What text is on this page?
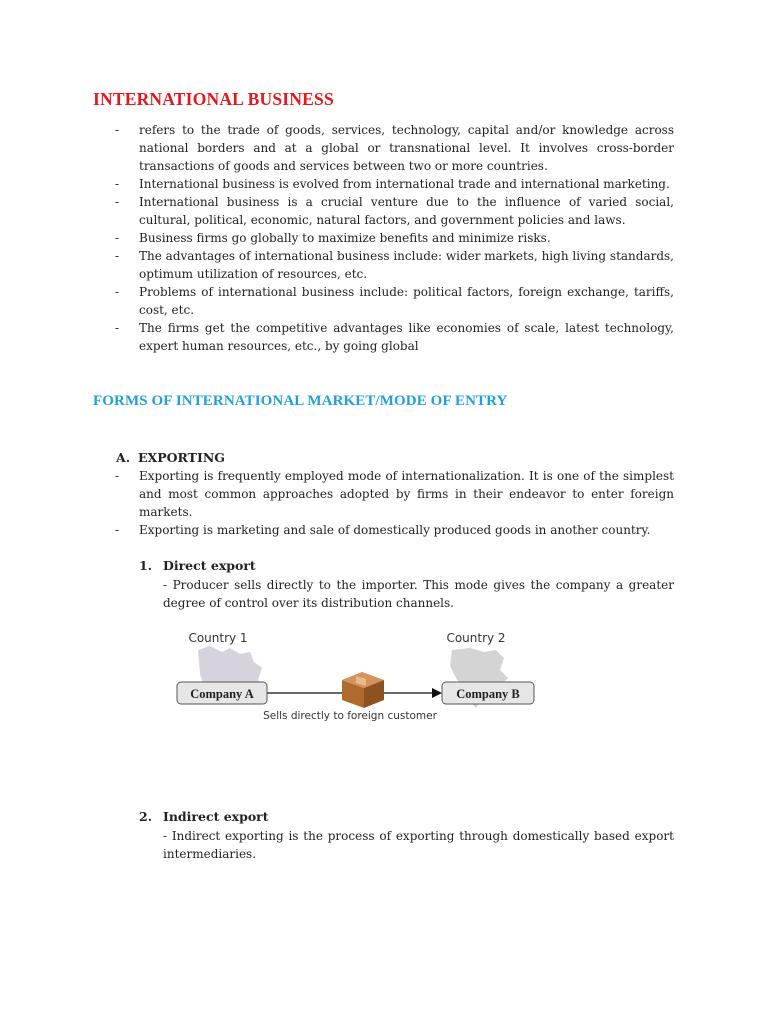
INTERNATIONAL BUSINESS
- refers to the trade of goods, services, technology, capital and/or knowledge across national borders and at a global or transnational level. It involves cross-border transactions of goods and services between two or more countries.
- International business is evolved from international trade and international marketing.
- International business is a crucial venture due to the influence of varied social, cultural, political, economic, natural factors, and government policies and laws.
- Business firms go globally to maximize benefits and minimize risks.
- The advantages of international business include: wider markets, high living standards, optimum utilization of resources, etc.
- Problems of international business include: political factors, foreign exchange, tariffs, cost, etc.
- The firms get the competitive advantages like economies of scale, latest technology, expert human resources, etc., by going global
FORMS OF INTERNATIONAL MARKET/MODE OF ENTRY
A. EXPORTING
- Exporting is frequently employed mode of internationalization. It is one of the simplest and most common approaches adopted by firms in their endeavor to enter foreign markets.
- Exporting is marketing and sale of domestically produced goods in another country.
1. Direct export

- Producer sells directly to the importer. This mode gives the company a greater degree of control over its distribution channels.

Country 1	Country 2
Company A	Company B
Sells directly to foreign customer
2. Indirect export

- Indirect exporting is the process of exporting through domestically based export intermediaries.
